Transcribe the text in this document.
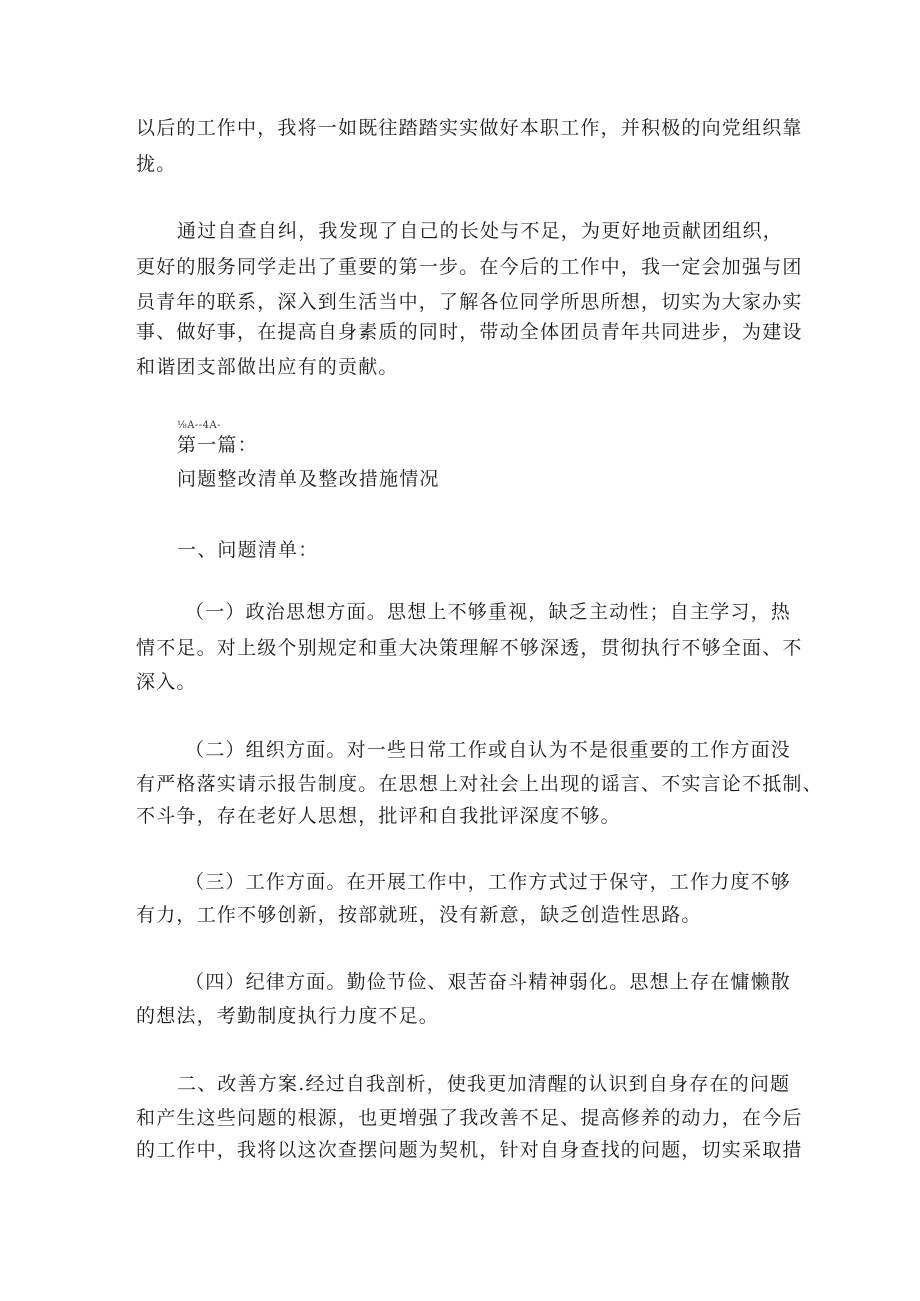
以后的工作中，我将一如既往踏踏实实做好本职工作，并积极的向党组织靠
拢。
通过自查自纠，我发现了自己的长处与不足，为更好地贡献团组织，
更好的服务同学走出了重要的第一步。在今后的工作中，我一定会加强与团
员青年的联系，深入到生活当中，了解各位同学所思所想，切实为大家办实
事、做好事，在提高自身素质的同时，带动全体团员青年共同进步，为建设
和谐团支部做出应有的贡献。
⅛A--4A-
第一篇：
问题整改清单及整改措施情况
一、问题清单：
（一）政治思想方面。思想上不够重视，缺乏主动性；自主学习，热
情不足。对上级个别规定和重大决策理解不够深透，贯彻执行不够全面、不
深入。
（二）组织方面。对一些日常工作或自认为不是很重要的工作方面没
有严格落实请示报告制度。在思想上对社会上出现的谣言、不实言论不抵制、
不斗争，存在老好人思想，批评和自我批评深度不够。
（三）工作方面。在开展工作中，工作方式过于保守，工作力度不够
有力，工作不够创新，按部就班，没有新意，缺乏创造性思路。
（四）纪律方面。勤俭节俭、艰苦奋斗精神弱化。思想上存在慵懒散
的想法，考勤制度执行力度不足。
二、改善方案.经过自我剖析，使我更加清醒的认识到自身存在的问题
和产生这些问题的根源，也更增强了我改善不足、提高修养的动力，在今后
的工作中，我将以这次查摆问题为契机，针对自身查找的问题，切实采取措
